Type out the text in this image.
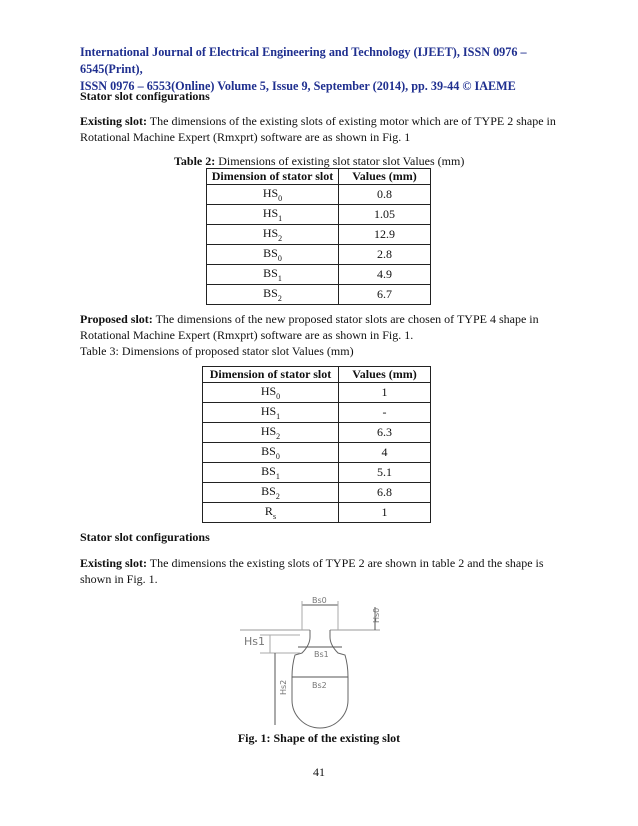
International Journal of Electrical Engineering and Technology (IJEET), ISSN 0976 – 6545(Print),
ISSN 0976 – 6553(Online) Volume 5, Issue 9, September (2014), pp. 39-44 © IAEME
Stator slot configurations
Existing slot: The dimensions of the existing slots of existing motor which are of TYPE 2 shape in Rotational Machine Expert (Rmxprt) software are as shown in Fig. 1
Table 2: Dimensions of existing slot stator slot Values (mm)
Dimension of stator slot	Values (mm)
$HS_0$	0.8
$HS_1$	1.05
$HS_2$	12.9
$BS_0$	2.8
$BS_1$	4.9
$BS_2$	6.7
Proposed slot: The dimensions of the new proposed stator slots are chosen of TYPE 4 shape in Rotational Machine Expert (Rmxprt) software are as shown in Fig. 1.
Table 3: Dimensions of proposed stator slot Values (mm)
Dimension of stator slot	Values (mm)
$HS_0$	1
$HS_1$	-
$HS_2$	6.3
$BS_0$	4
$BS_1$	5.1
$BS_2$	6.8
$R_s$	1
Stator slot configurations
Existing slot: The dimensions the existing slots of TYPE 2 are shown in table 2 and the shape is shown in Fig. 1.
Bs0
Hs0
Hs1
Bs1
Hs2	Bs2
Fig. 1: Shape of the existing slot
41
